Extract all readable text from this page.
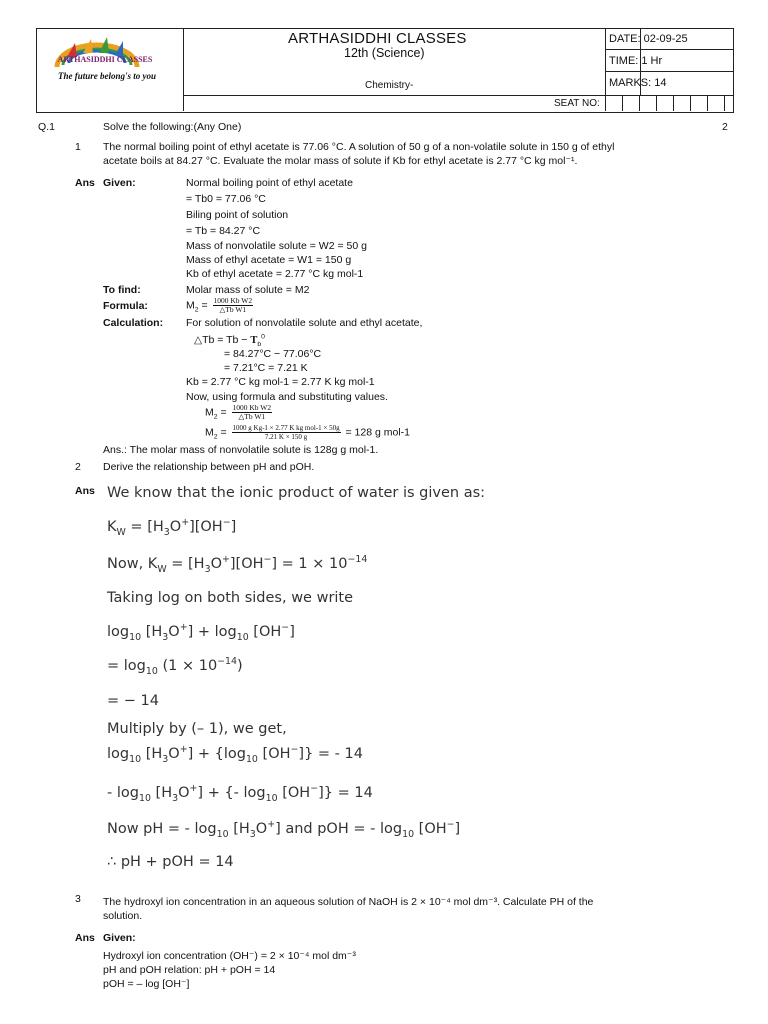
ARTHASIDDHI CLASSES
The future belong's to you
ARTHASIDDHI CLASSES
12th (Science)
Chemistry-
DATE: 02-09-25
TIME: 1 Hr
MARKS: 14
SEAT NO:
Q.1	Solve the following:(Any One)	2
1 The normal boiling point of ethyl acetate is 77.06 °C. A solution of 50 g of a non-volatile solute in 150 g of ethyl
acetate boils at 84.27 °C. Evaluate the molar mass of solute if Kb for ethyl acetate is 2.77 °C kg mol⁻¹.
Ans Given:	Normal boiling point of ethyl acetate
= Tb0 = 77.06 °C
Biling point of solution
= Tb = 84.27 °C
Mass of nonvolatile solute = W2 = 50 g
Mass of ethyl acetate = W1 = 150 g
Kb of ethyl acetate = 2.77 °C kg mol-1
To find:	Molar mass of solute = M2
Formula:	$M_2 = \frac{\text{1000 Kb W2}}{\text{△Tb W1}}$
Calculation: For solution of nonvolatile solute and ethyl acetate,
△Tb = $Tb - T_b^0$
= 84.27°C − 77.06°C
= 7.21°C = 7.21 K
Kb = 2.77 °C kg mol-1 = 2.77 K kg mol-1
Now, using formula and substituting values.
$M_2 = \frac{\text{1000 Kb W2}}{\text{△Tb W1}}$
$M_2 = \frac{\text{1000 g Kg-1 × 2.77 K kg mol-1 × 50g}}{7.21 K \times 150 g} = 128$ g mol-1
Ans.: The molar mass of nonvolatile solute is 128g g mol-1.
2 Derive the relationship between pH and pOH.
Ans We know that the ionic product of water is given as:
$K_W = [H_3O^+][OH^-]$
Now, $K_W = [H_3O^+][OH^-] = 1 \times 10^{-14}$
Taking log on both sides, we write
$\log_{10} [H_3O^+] + \log_{10} [OH^-]$
= $\log_{10} (1 \times 10^{-14})$
= − 14
Multiply by (– 1), we get,
$\log_{10} [H_3O^+] + \{\log_{10}$ [OH−]} = - 14
- $\log_{10} [H_3O^+]$ + {- $\log_{10} [OH^-]\} = 14$
Now pH = - $\log_{10} [H_3O^+]$ and pOH = - $\log_{10} [OH^-]$
∴ pH + pOH = 14
3 The hydroxyl ion concentration in an aqueous solution of NaOH is 2 × 10⁻⁴ mol dm⁻³. Calculate PH of the
solution.
Ans Given:
Hydroxyl ion concentration (OH⁻) = 2 × 10⁻⁴ mol dm⁻³
pH and pOH relation: pH + pOH = 14
pOH = – log [OH⁻]
